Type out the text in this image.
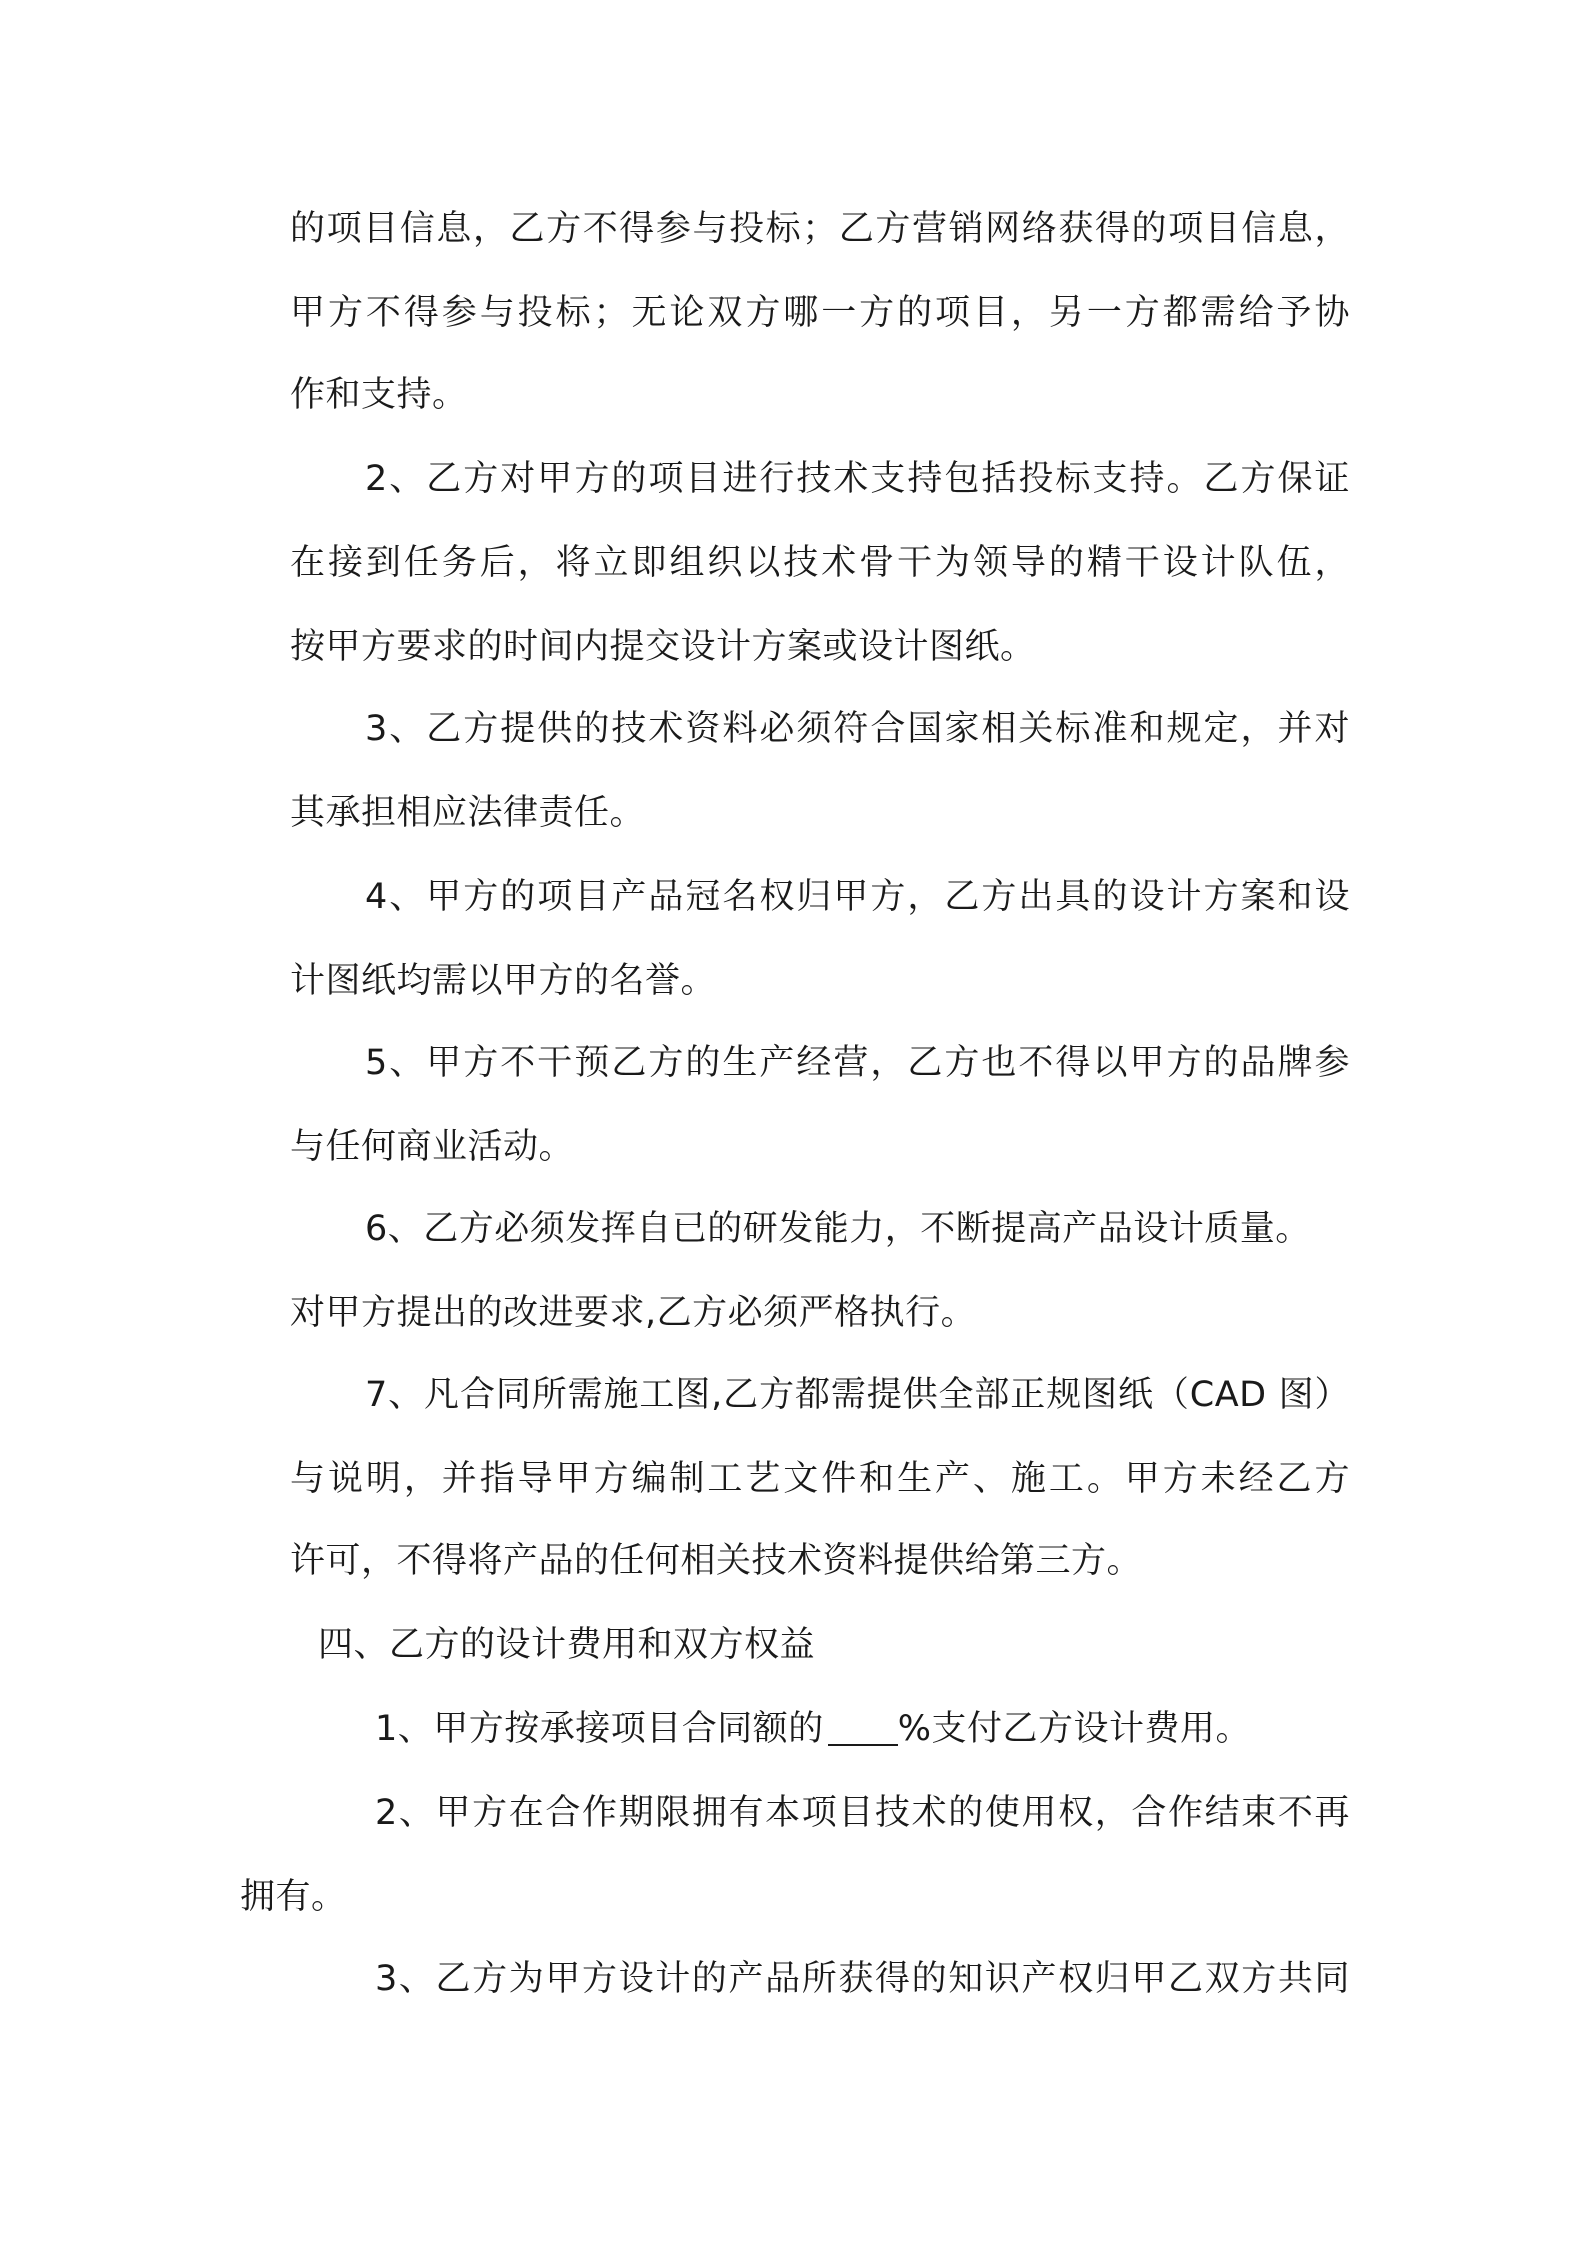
的项目信息，乙方不得参与投标；乙方营销网络获得的项目信息，
甲方不得参与投标；无论双方哪一方的项目，另一方都需给予协
作和支持。
2、乙方对甲方的项目进行技术支持包括投标支持。乙方保证
在接到任务后，将立即组织以技术骨干为领导的精干设计队伍，
按甲方要求的时间内提交设计方案或设计图纸。
3、乙方提供的技术资料必须符合国家相关标准和规定，并对
其承担相应法律责任。
4、甲方的项目产品冠名权归甲方，乙方出具的设计方案和设
计图纸均需以甲方的名誉。
5、甲方不干预乙方的生产经营，乙方也不得以甲方的品牌参
与任何商业活动。
6、乙方必须发挥自已的研发能力，不断提高产品设计质量。
对甲方提出的改进要求,乙方必须严格执行。
7、凡合同所需施工图,乙方都需提供全部正规图纸（CAD 图）
与说明，并指导甲方编制工艺文件和生产、施工。甲方未经乙方
许可，不得将产品的任何相关技术资料提供给第三方。
四、乙方的设计费用和双方权益
1、甲方按承接项目合同额的 %支付乙方设计费用。
2、甲方在合作期限拥有本项目技术的使用权，合作结束不再
拥有。
3、乙方为甲方设计的产品所获得的知识产权归甲乙双方共同
